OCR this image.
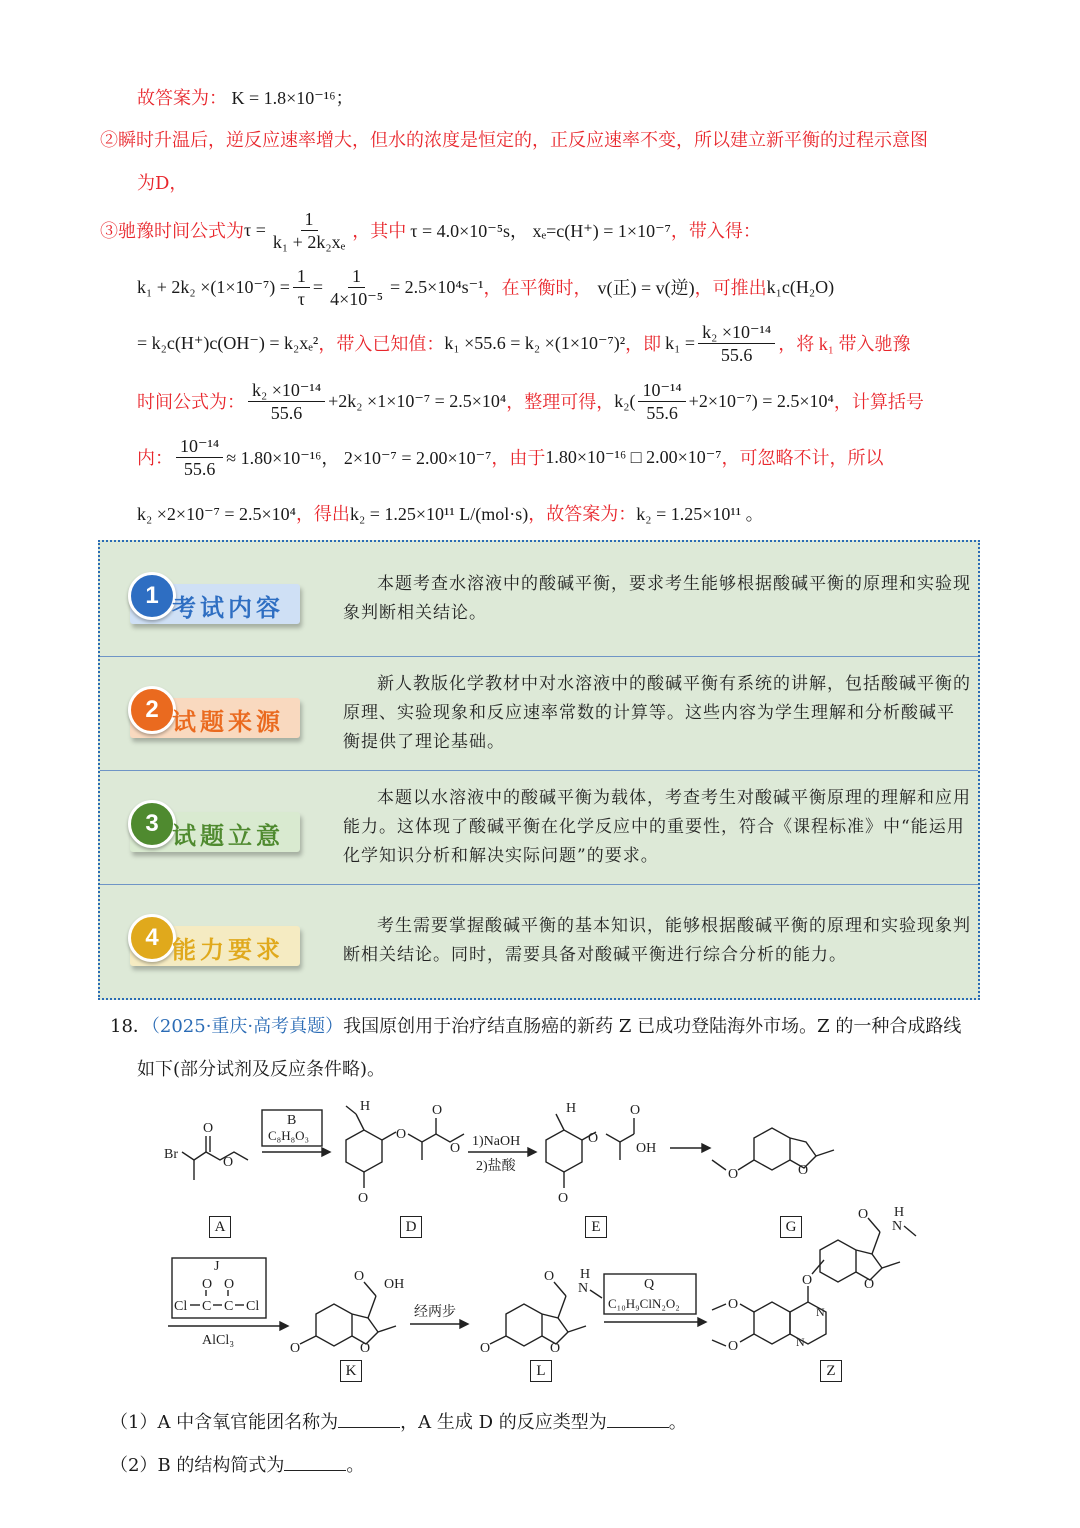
故答案为： K = 1.8×10⁻¹⁶；
②瞬时升温后，逆反应速率增大，但水的浓度是恒定的，正反应速率不变，所以建立新平衡的过程示意图
为D，
③驰豫时间公式为 $\tau = \frac{1}{\text{k₁ + 2k₂xₑ}}$ ，其中 τ = 4.0×10⁻⁵s， xₑ=c(H⁺) = 1×10⁻⁷ ，带入得：
$k_1 + 2k_2 \times(1\times 10^{-7}) = \frac{1}{\tau} = \frac{1}{\text{4×10⁻⁵}} = 2.5\times 10^4s^{-1}$ ，在平衡时， v(正) = v(逆) ，可推出 k₁c(H₂O)
= k₂c(H⁺)c(OH⁻) = k₂xₑ² ，带入已知值： k₁ ×55.6 = k₂ ×(1×10⁻⁷)² ，即 $k_1 = \frac{\text{k₂ ×10⁻¹⁴}}{55.6}$ ，将 k₁ 带入驰豫
时间公式为： $\frac{\text{k₂ ×10⁻¹⁴}}{55.6} +2k_2 \times 1\times 10^{-7} = 2.5\times 10^4$ ，整理可得， $k_2( \frac{\text{10⁻¹⁴}}{55.6} +2\times 10^{-7}) = 2.5\times 10^4$ ，计算括号
内： $\frac{\text{10⁻¹⁴}}{55.6} \approx 1.80\times 10^{-16}$， 2×10⁻⁷ = 2.00×10⁻⁷ ，由于 1.80×10⁻¹⁶ □ 2.00×10⁻⁷ ，可忽略不计，所以
k₂ ×2×10⁻⁷ = 2.5×10⁴，得出k₂ = 1.25×10¹¹ L/(mol·s)，故答案为：k₂ = 1.25×10¹¹ 。
1 考试内容
本题考查水溶液中的酸碱平衡，要求考生能够根据酸碱平衡的原理和实验现象判断相关结论。
2 试题来源
新人教版化学教材中对水溶液中的酸碱平衡有系统的讲解，包括酸碱平衡的原理、实验现象和反应速率常数的计算等。这些内容为学生理解和分析酸碱平衡提供了理论基础。
3 试题立意
本题以水溶液中的酸碱平衡为载体，考查考生对酸碱平衡原理的理解和应用能力。这体现了酸碱平衡在化学反应中的重要性，符合《课程标准》中“能运用化学知识分析和解决实际问题”的要求。
4 能力要求
考生需要掌握酸碱平衡的基本知识，能够根据酸碱平衡的原理和实验现象判断相关结论。同时，需要具备对酸碱平衡进行综合分析的能力。
18．（2025·重庆·高考真题）我国原创用于治疗结直肠癌的新药 Z 已成功登陆海外市场。Z 的一种合成路线
如下(部分试剂及反应条件略)。
Br
O
O
B
C₈H₈O₃
H
O
O
O
O
1)NaOH
2)盐酸
H
O
O
OH
O
O
O
J
O O
Cl C C Cl
AlCl₃
O
O
OH
O
经两步
O
O
N
H
O
Q
C₁₀H₉ClN₂O₂
N
N
O	O
O
N
H
O
O
A	D	E	G
K	L	Z
（1）A 中含氧官能团名称为	，A 生成 D 的反应类型为	。
（2）B 的结构简式为	。
